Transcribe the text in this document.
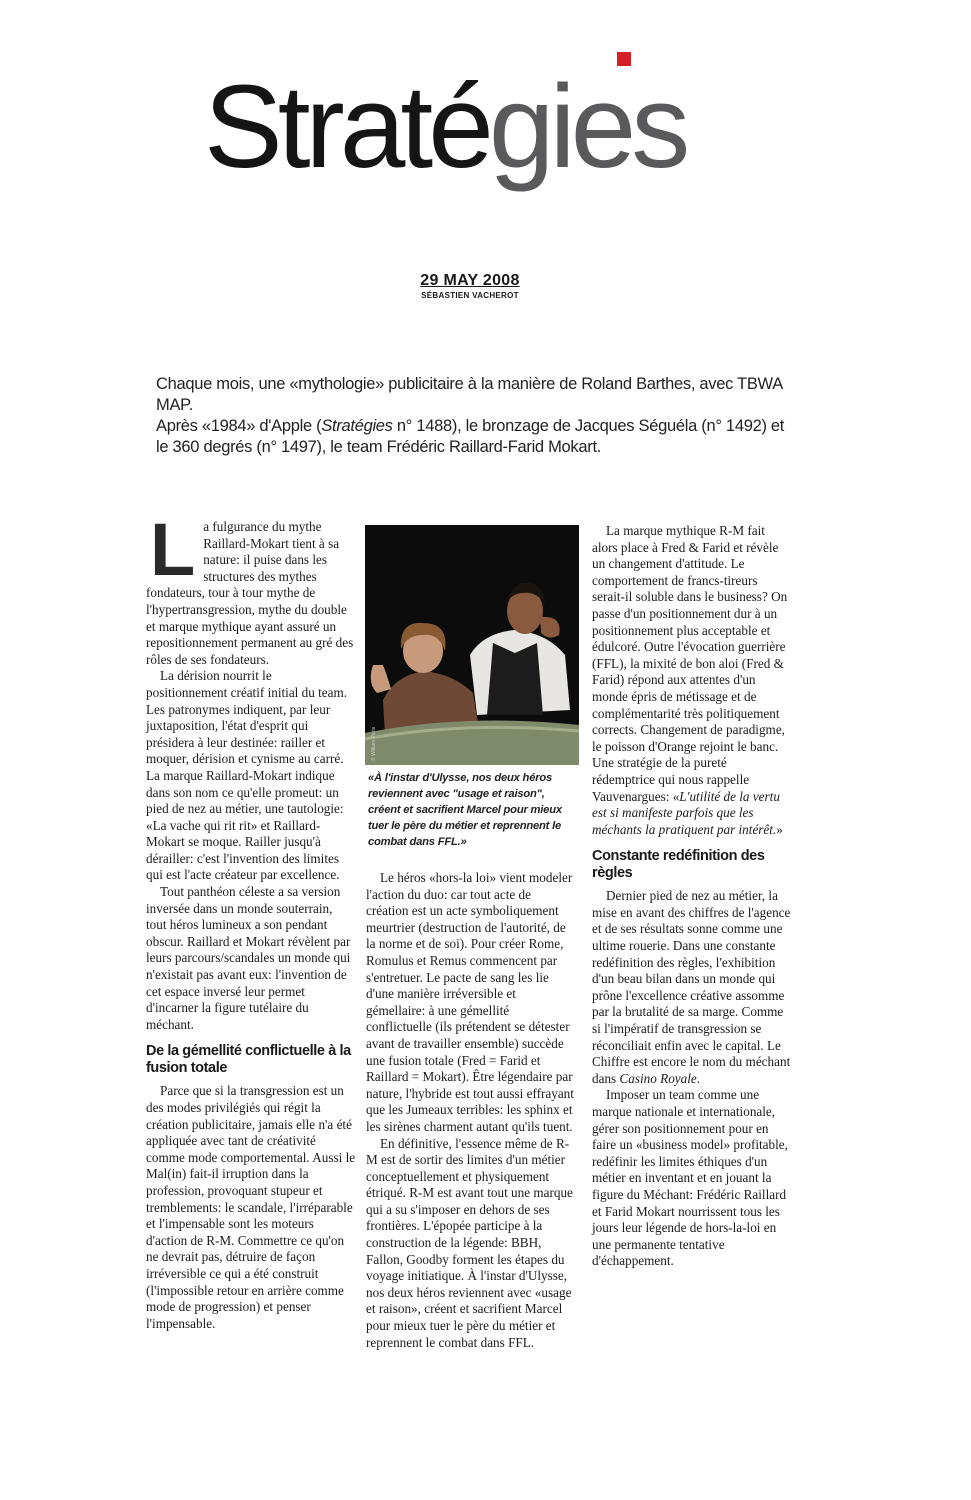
Stratégies
29 MAY 2008
SÉBASTIEN VACHEROT
Chaque mois, une «mythologie» publicitaire à la manière de Roland Barthes, avec TBWA MAP.
Après «1984» d'Apple (Stratégies n° 1488), le bronzage de Jacques Séguéla (n° 1492) et
le 360 degrés (n° 1497), le team Frédéric Raillard-Farid Mokart.

La fulgurance du mythe Raillard-Mokart tient à sa nature: il puise dans les structures des mythes fondateurs, tour à tour mythe de l'hypertransgression, mythe du double et marque mythique ayant assuré un repositionnement permanent au gré des rôles de ses fondateurs.

La dérision nourrit le positionnement créatif initial du team. Les patronymes indiquent, par leur juxtaposition, l'état d'esprit qui présidera à leur destinée: railler et moquer, dérision et cynisme au carré. La marque Raillard-Mokart indique dans son nom ce qu'elle promeut: un pied de nez au métier, une tautologie: «La vache qui rit rit» et Raillard-Mokart se moque. Railler jusqu'à dérailler: c'est l'invention des limites qui est l'acte créateur par excellence.

Tout panthéon céleste a sa version inversée dans un monde souterrain, tout héros lumineux a son pendant obscur. Raillard et Mokart révèlent par leurs parcours/scandales un monde qui n'existait pas avant eux: l'invention de cet espace inversé leur permet d'incarner la figure tutélaire du méchant.

De la gémellité conflictuelle à la fusion totale

Parce que si la transgression est un des modes privilégiés qui régit la création publicitaire, jamais elle n'a été appliquée avec tant de créativité comme mode comportemental. Aussi le Mal(in) fait-il irruption dans la profession, provoquant stupeur et tremblements: le scandale, l'irréparable et l'impensable sont les moteurs d'action de R-M. Commettre ce qu'on ne devrait pas, détruire de façon irréversible ce qui a été construit (l'impossible retour en arrière comme mode de progression) et penser l'impensable.

© William Paris
«À l'instar d'Ulysse, nos deux héros reviennent avec "usage et raison", créent et sacrifient Marcel pour mieux tuer le père du métier et reprennent le combat dans FFL.»

Le héros «hors-la loi» vient modeler l'action du duo: car tout acte de création est un acte symboliquement meurtrier (destruction de l'autorité, de la norme et de soi). Pour créer Rome, Romulus et Remus commencent par s'entretuer. Le pacte de sang les lie d'une manière irréversible et gémellaire: à une gémellité conflictuelle (ils prétendent se détester avant de travailler ensemble) succède une fusion totale (Fred = Farid et Raillard = Mokart). Être légendaire par nature, l'hybride est tout aussi effrayant que les Jumeaux terribles: les sphinx et les sirènes charment autant qu'ils tuent.

En définitive, l'essence même de R-M est de sortir des limites d'un métier conceptuellement et physiquement étriqué. R-M est avant tout une marque qui a su s'imposer en dehors de ses frontières. L'épopée participe à la construction de la légende: BBH, Fallon, Goodby forment les étapes du voyage initiatique. À l'instar d'Ulysse, nos deux héros reviennent avec «usage et raison», créent et sacrifient Marcel pour mieux tuer le père du métier et reprennent le combat dans FFL.

La marque mythique R-M fait alors place à Fred & Farid et révèle un changement d'attitude. Le comportement de francs-tireurs serait-il soluble dans le business? On passe d'un positionnement dur à un positionnement plus acceptable et édulcoré. Outre l'évocation guerrière (FFL), la mixité de bon aloi (Fred & Farid) répond aux attentes d'un monde épris de métissage et de complémentarité très politiquement corrects. Changement de paradigme, le poisson d'Orange rejoint le banc. Une stratégie de la pureté rédemptrice qui nous rappelle Vauvenargues: «L'utilité de la vertu est si manifeste parfois que les méchants la pratiquent par intérêt.»

Constante redéfinition des règles

Dernier pied de nez au métier, la mise en avant des chiffres de l'agence et de ses résultats sonne comme une ultime rouerie. Dans une constante redéfinition des règles, l'exhibition d'un beau bilan dans un monde qui prône l'excellence créative assomme par la brutalité de sa marge. Comme si l'impératif de transgression se réconciliait enfin avec le capital. Le Chiffre est encore le nom du méchant dans Casino Royale.

Imposer un team comme une marque nationale et internationale, gérer son positionnement pour en faire un «business model» profitable, redéfinir les limites éthiques d'un métier en inventant et en jouant la figure du Méchant: Frédéric Raillard et Farid Mokart nourrissent tous les jours leur légende de hors-la-loi en une permanente tentative d'échappement.
